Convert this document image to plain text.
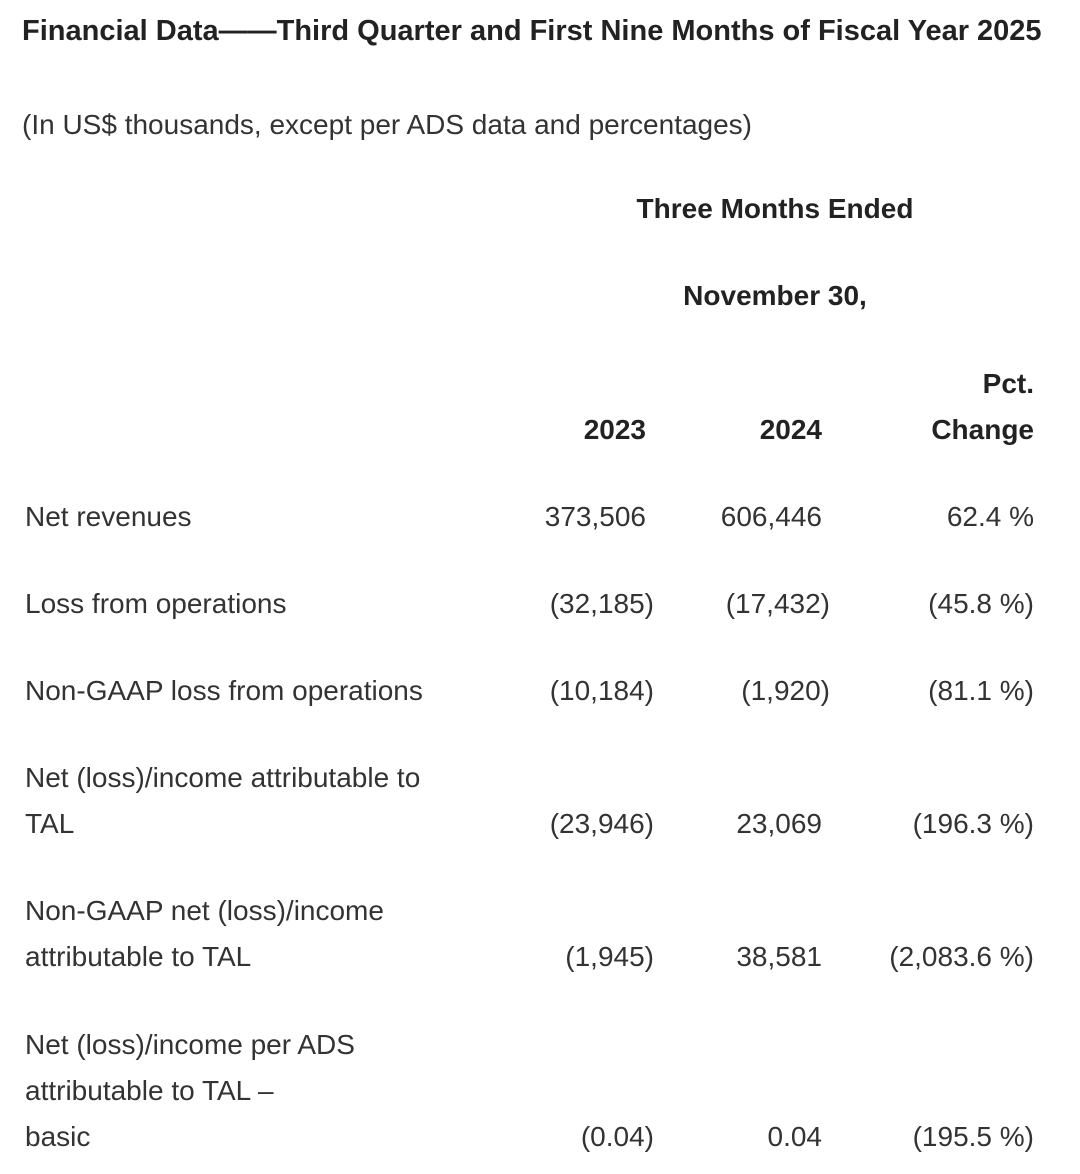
Financial Data——Third Quarter and First Nine Months of Fiscal Year 2025
(In US$ thousands, except per ADS data and percentages)
Three Months Ended
November 30,
2023	2024
Pct.
Change
Net revenues	373,506	606,446	62.4 %
Loss from operations	(32,185)	(17,432)	(45.8 %)
Non-GAAP loss from operations	(10,184)	(1,920)	(81.1 %)
Net (loss)/income attributable to
TAL	(23,946)	23,069	(196.3 %)
Non-GAAP net (loss)/income
attributable to TAL	(1,945)	38,581	(2,083.6 %)
Net (loss)/income per ADS
attributable to TAL –
basic	(0.04)	0.04	(195.5 %)
